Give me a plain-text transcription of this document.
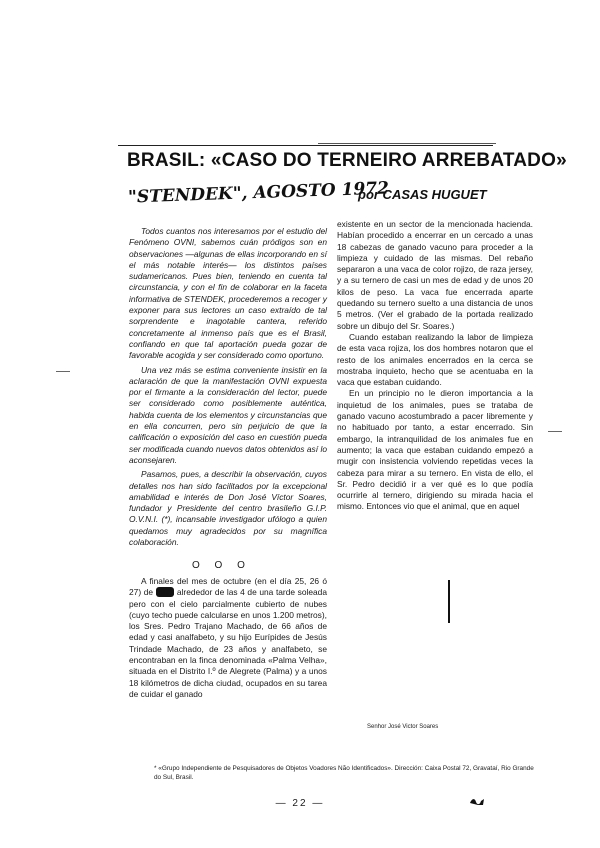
BRASIL: «CASO DO TERNEIRO ARREBATADO»
"STENDEK", AGOSTO 1972
por CASAS HUGUET

Todos cuantos nos interesamos por el estudio del Fenómeno OVNI, sabemos cuán pródigos son en observaciones —algunas de ellas incorporando en sí el más notable interés— los distintos países sudamericanos. Pues bien, teniendo en cuenta tal circunstancia, y con el fin de colaborar en la faceta informativa de STENDEK, procederemos a recoger y exponer para sus lectores un caso extraído de tal sorprendente e inagotable cantera, referido concretamente al inmenso país que es el Brasil, confiando en que tal aportación pueda gozar de favorable acogida y ser considerado como oportuno.

Una vez más se estima conveniente insistir en la aclaración de que la manifestación OVNI expuesta por el firmante a la consideración del lector, puede ser considerado como posiblemente auténtica, habida cuenta de los elementos y circunstancias que en ella concurren, pero sin perjuicio de que la calificación o exposición del caso en cuestión pueda ser modificada cuando nuevos datos obtenidos así lo aconsejaren.

Pasamos, pues, a describir la observación, cuyos detalles nos han sido facilitados por la excepcional amabilidad e interés de Don José Víctor Soares, fundador y Presidente del centro brasileño G.I.P. O.V.N.I. (*), incansable investigador ufólogo a quien quedamos muy agradecidos por su magnífica colaboración.

O O O

A finales del mes de octubre (en el día 25, 26 ó 27) de 1971 alrededor de las 4 de una tarde soleada pero con el cielo parcialmente cubierto de nubes (cuyo techo puede calcularse en unos 1.200 metros), los Sres. Pedro Trajano Machado, de 66 años de edad y casi analfabeto, y su hijo Eurípides de Jesús Trindade Machado, de 23 años y analfabeto, se encontraban en la finca denominada «Palma Velha», situada en el Distrito I.º de Alegrete (Palma) y a unos 18 kilómetros de dicha ciudad, ocupados en su tarea de cuidar el ganado

existente en un sector de la mencionada hacienda. Habían procedido a encerrar en un cercado a unas 18 cabezas de ganado vacuno para proceder a la limpieza y cuidado de las mismas. Del rebaño separaron a una vaca de color rojizo, de raza jersey, y a su ternero de casi un mes de edad y de unos 20 kilos de peso. La vaca fue encerrada aparte quedando su ternero suelto a una distancia de unos 5 metros. (Ver el grabado de la portada realizado sobre un dibujo del Sr. Soares.)

Cuando estaban realizando la labor de limpieza de esta vaca rojiza, los dos hombres notaron que el resto de los animales encerrados en la cerca se mostraba inquieto, hecho que se acentuaba en la vaca que estaban cuidando.

En un principio no le dieron importancia a la inquietud de los animales, pues se trataba de ganado vacuno acostumbrado a pacer libremente y no habituado por tanto, a estar encerrado. Sin embargo, la intranquilidad de los animales fue en aumento; la vaca que estaban cuidando empezó a mugir con insistencia volviendo repetidas veces la cabeza para mirar a su ternero. En vista de ello, el Sr. Pedro decidió ir a ver qué es lo que podía ocurrirle al ternero, dirigiendo su mirada hacia el mismo. Entonces vio que el animal, que en aquel

Senhor José Victor Soares
* «Grupo Independiente de Pesquisadores de Objetos Voadores Não Identificados». Dirección: Caixa Postal 72, Gravataí, Rio Grande do Sul, Brasil.
— 22 —
